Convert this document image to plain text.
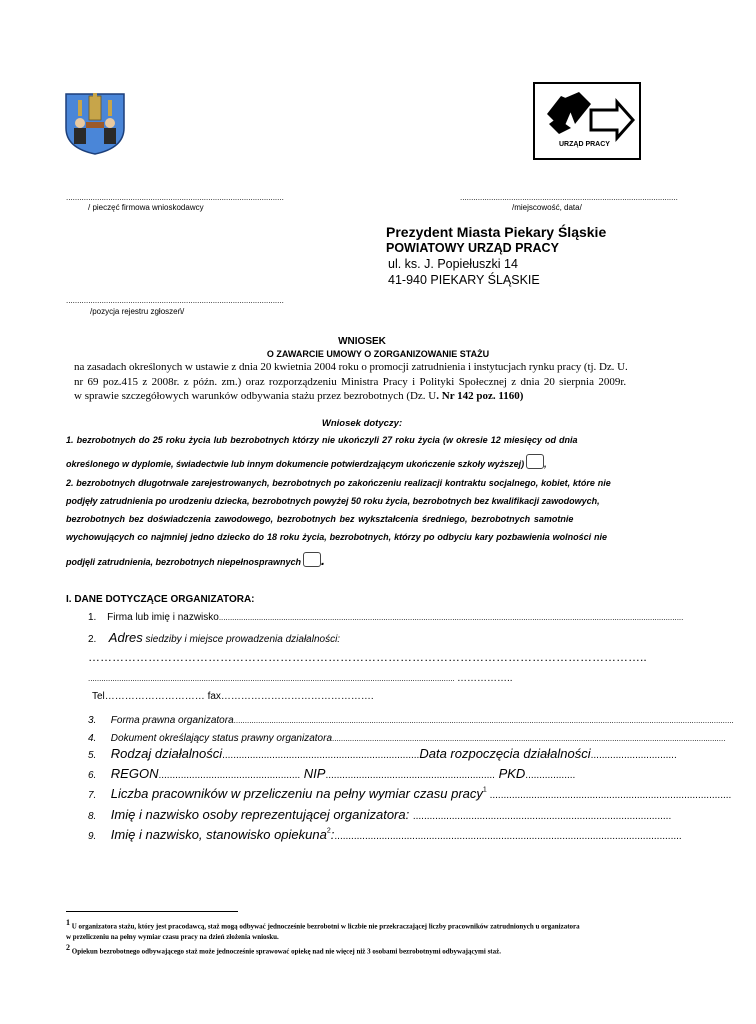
URZĄD PRACY
..................................................................................................
/ pieczęć firmowa wnioskodawcy
..................................................................................................
/miejscowość, data/
Prezydent Miasta Piekary Śląskie
POWIATOWY URZĄD PRACY
ul. ks. J. Popiełuszki 14
41-940 PIEKARY ŚLĄSKIE
..................................................................................................
/pozycja rejestru zgłoszeń/
WNIOSEK
O ZAWARCIE UMOWY O ZORGANIZOWANIE STAŻU
na zasadach określonych w ustawie z dnia 20 kwietnia 2004 roku o promocji zatrudnienia i instytucjach rynku pracy (tj. Dz. U.
nr 69 poz.415 z 2008r. z późn. zm.) oraz rozporządzeniu Ministra Pracy i Polityki Społecznej z dnia 20 sierpnia 2009r.
w sprawie szczegółowych warunków odbywania stażu przez bezrobotnych (Dz. U. Nr 142 poz. 1160)
Wniosek dotyczy:
1. bezrobotnych do 25 roku życia lub bezrobotnych którzy nie ukończyli 27 roku życia (w okresie 12 miesięcy od dnia
określonego w dyplomie, świadectwie lub innym dokumencie potwierdzającym ukończenie szkoły wyższej) ,
2. bezrobotnych długotrwale zarejestrowanych, bezrobotnych po zakończeniu realizacji kontraktu socjalnego, kobiet, które nie
podjęły zatrudnienia po urodzeniu dziecka, bezrobotnych powyżej 50 roku życia, bezrobotnych bez kwalifikacji zawodowych,
bezrobotnych bez doświadczenia zawodowego, bezrobotnych bez wykształcenia średniego, bezrobotnych samotnie
wychowujących co najmniej jedno dziecko do 18 roku życia, bezrobotnych, którzy po odbyciu kary pozbawienia wolności nie
podjęli zatrudnienia, bezrobotnych niepełnosprawnych .
I. DANE DOTYCZĄCE ORGANIZATORA:
1. Firma lub imię i nazwisko.................................................................................................................................................................................................................
2. Adres siedziby i miejsce prowadzenia działalności:
…………………………………………………………………………………………………………………………..
..................................................................................................................................................................... ……………..
Tel………………………… fax……………………………………….
3. Forma prawna organizatora.................................................................................................................................................................................................................................
4. Dokument określający status prawny organizatora.................................................................................................................................................................................
5. Rodzaj działalności.......................................................................Data rozpoczęcia działalności...............................
6. REGON................................................... NIP............................................................. PKD..................
7. Liczba pracowników w przeliczeniu na pełny wymiar czasu pracy$^1$ .......................................................................................
8. Imię i nazwisko osoby reprezentującej organizatora: .............................................................................................
9. Imię i nazwisko, stanowisko opiekuna$^2$:.............................................................................................................................
$^1$ U organizatora stażu, który jest pracodawcą, staż mogą odbywać jednocześnie bezrobotni w liczbie nie przekraczającej liczby pracowników zatrudnionych u organizatora
w przeliczeniu na pełny wymiar czasu pracy na dzień złożenia wniosku.
$^2$ Opiekun bezrobotnego odbywającego staż może jednocześnie sprawować opiekę nad nie więcej niż 3 osobami bezrobotnymi odbywającymi staż.
